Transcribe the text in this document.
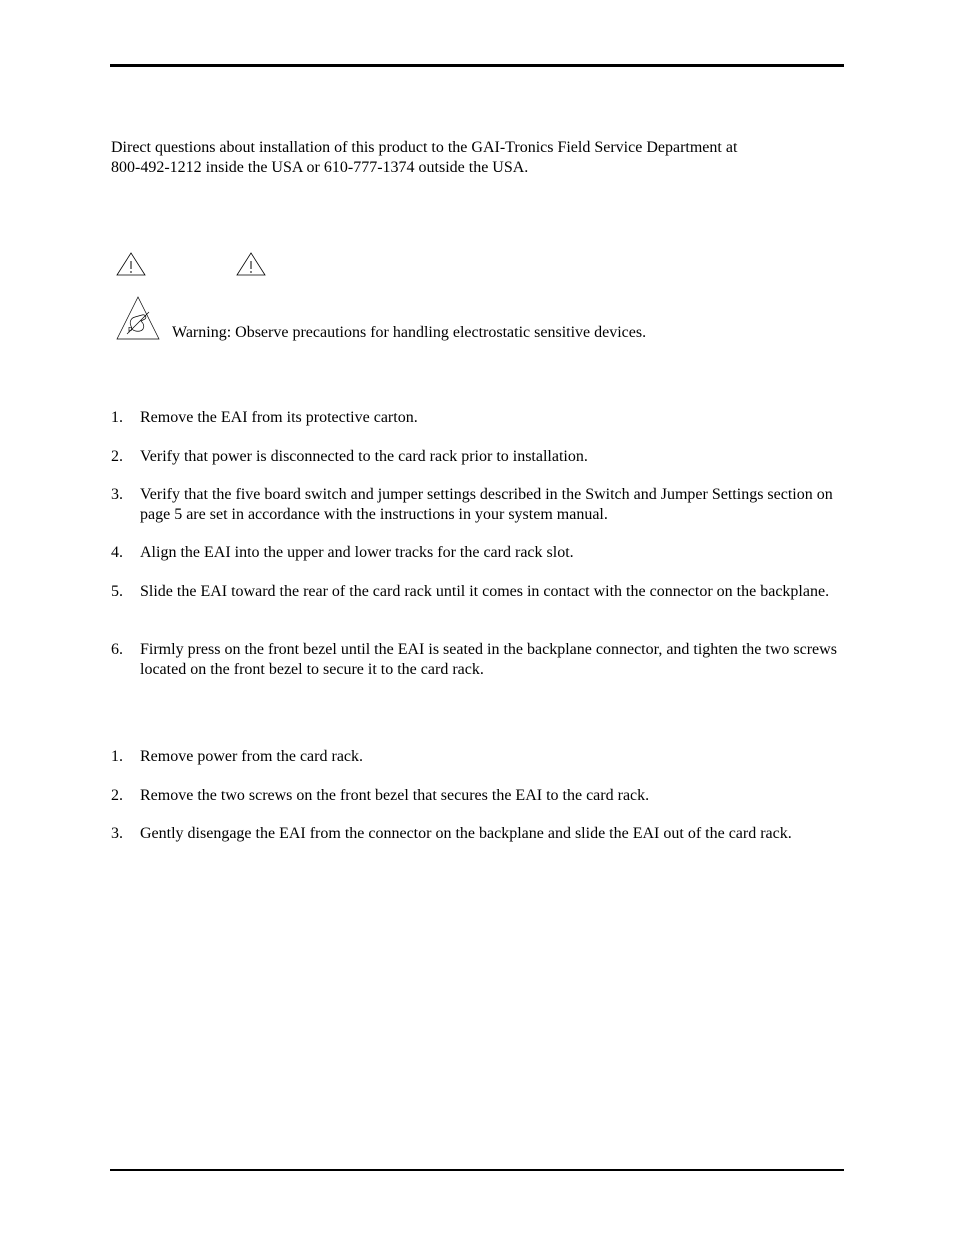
Direct questions about installation of this product to the GAI-Tronics Field Service Department at
800-492-1212 inside the USA or 610-777-1374 outside the USA.
p Warning: Observe precautions for handling electrostatic sensitive devices.
1.	Remove the EAI from its protective carton.
2.	Verify that power is disconnected to the card rack prior to installation.
3.	Verify that the five board switch and jumper settings described in the Switch and Jumper Settings section on page 5 are set in accordance with the instructions in your system manual.
4.	Align the EAI into the upper and lower tracks for the card rack slot.
5.	Slide the EAI toward the rear of the card rack until it comes in contact with the connector on the backplane.
6.	Firmly press on the front bezel until the EAI is seated in the backplane connector, and tighten the two screws located on the front bezel to secure it to the card rack.
1.	Remove power from the card rack.
2.	Remove the two screws on the front bezel that secures the EAI to the card rack.
3.	Gently disengage the EAI from the connector on the backplane and slide the EAI out of the card rack.
